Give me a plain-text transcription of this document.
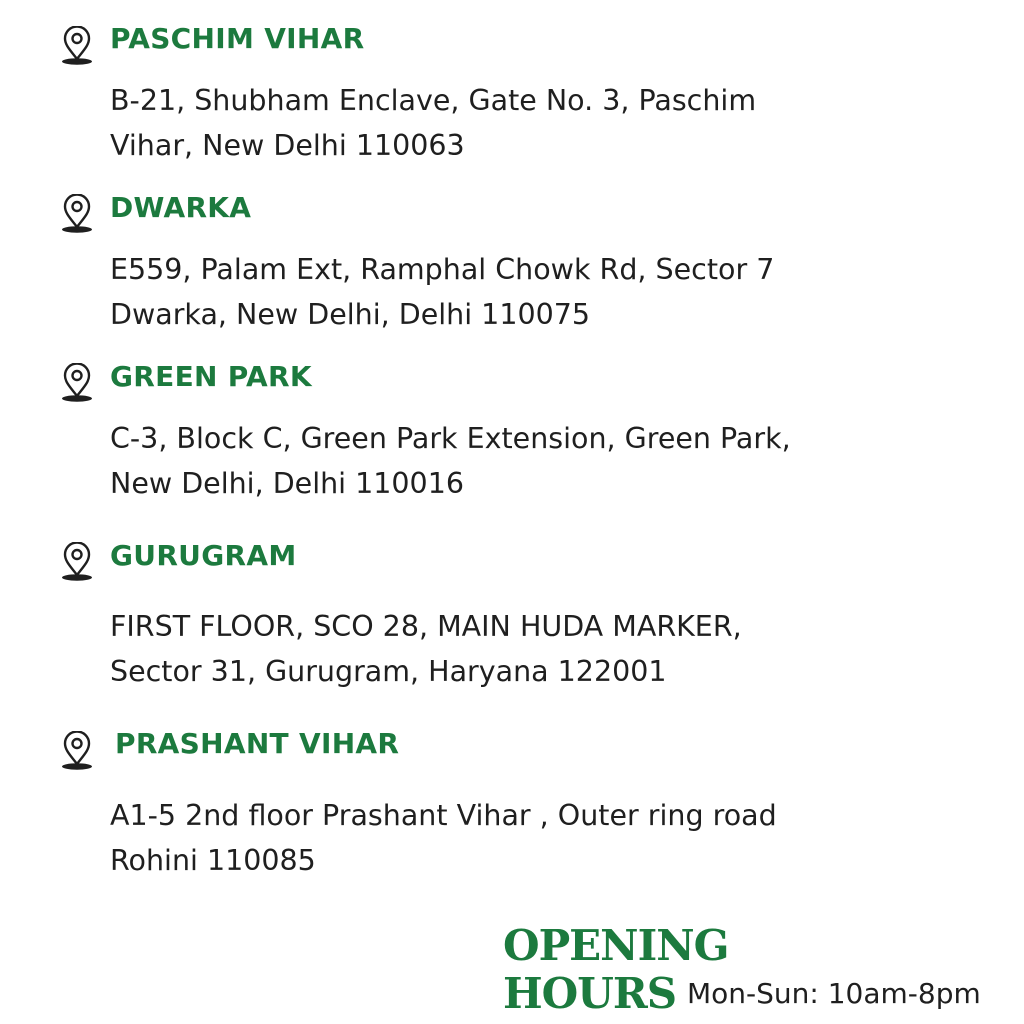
PASCHIM VIHAR
B-21, Shubham Enclave, Gate No. 3, Paschim
Vihar, New Delhi 110063
DWARKA
E559, Palam Ext, Ramphal Chowk Rd, Sector 7
Dwarka, New Delhi, Delhi 110075
GREEN PARK
C-3, Block C, Green Park Extension, Green Park,
New Delhi, Delhi 110016
GURUGRAM
FIRST FLOOR, SCO 28, MAIN HUDA MARKER,
Sector 31, Gurugram, Haryana 122001
PRASHANT VIHAR
A1-5 2nd floor Prashant Vihar , Outer ring road
Rohini 110085
OPENING
HOURS Mon-Sun: 10am-8pm
